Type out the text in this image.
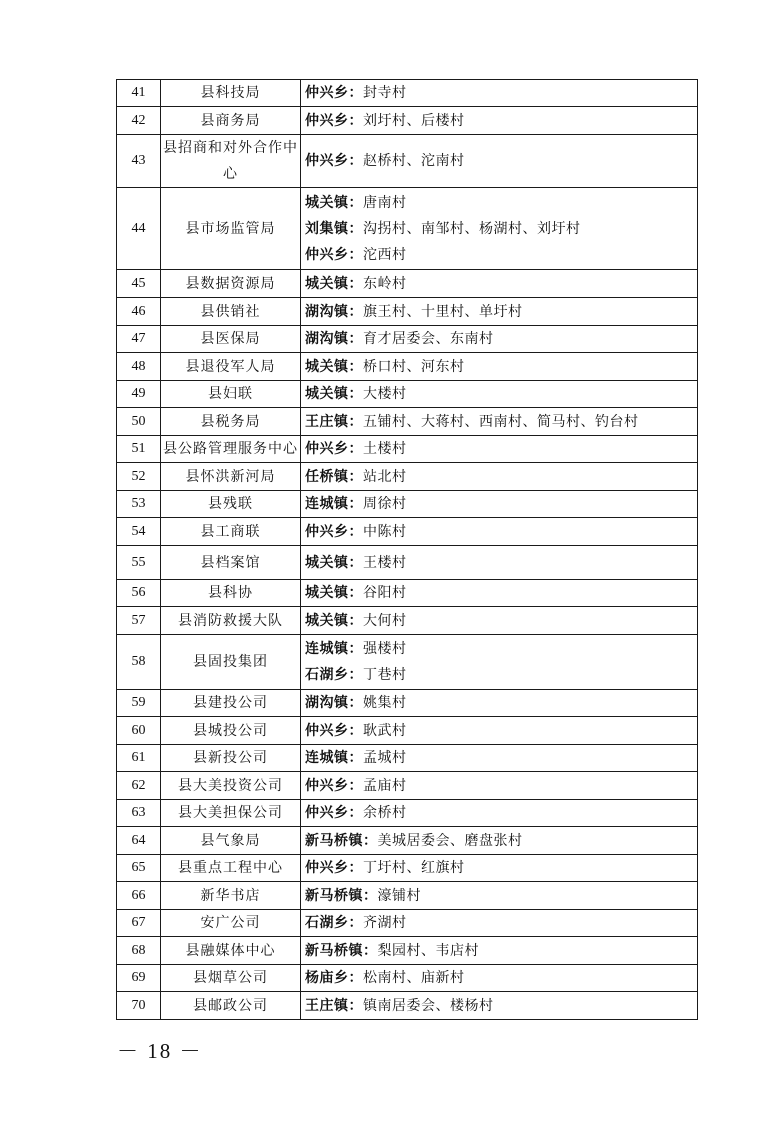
41	县科技局	仲兴乡：封寺村

42	县商务局	仲兴乡：刘圩村、后楼村

43	县招商和对外合作中心	仲兴乡：赵桥村、沱南村

44	县市场监管局	城关镇：唐南村
刘集镇：沟拐村、南邹村、杨湖村、刘圩村
仲兴乡：沱西村

45	县数据资源局	城关镇：东岭村

46	县供销社	湖沟镇：旗王村、十里村、单圩村

47	县医保局	湖沟镇：育才居委会、东南村

48	县退役军人局	城关镇：桥口村、河东村

49	县妇联	城关镇：大楼村

50	县税务局	王庄镇：五铺村、大蒋村、西南村、简马村、钓台村

51	县公路管理服务中心	仲兴乡：土楼村

52	县怀洪新河局	任桥镇：站北村

53	县残联	连城镇：周徐村

54	县工商联	仲兴乡：中陈村

55	县档案馆	城关镇：王楼村

56	县科协	城关镇：谷阳村

57	县消防救援大队	城关镇：大何村

58	县固投集团	连城镇：强楼村
石湖乡：丁巷村

59	县建投公司	湖沟镇：姚集村

60	县城投公司	仲兴乡：耿武村

61	县新投公司	连城镇：孟城村

62	县大美投资公司	仲兴乡：孟庙村

63	县大美担保公司	仲兴乡：余桥村

64	县气象局	新马桥镇：美城居委会、磨盘张村

65	县重点工程中心	仲兴乡：丁圩村、红旗村

66	新华书店	新马桥镇：濠铺村

67	安广公司	石湖乡：齐湖村

68	县融媒体中心	新马桥镇：梨园村、韦店村

69	县烟草公司	杨庙乡：松南村、庙新村

70	县邮政公司	王庄镇：镇南居委会、楼杨村
－ 18 －
